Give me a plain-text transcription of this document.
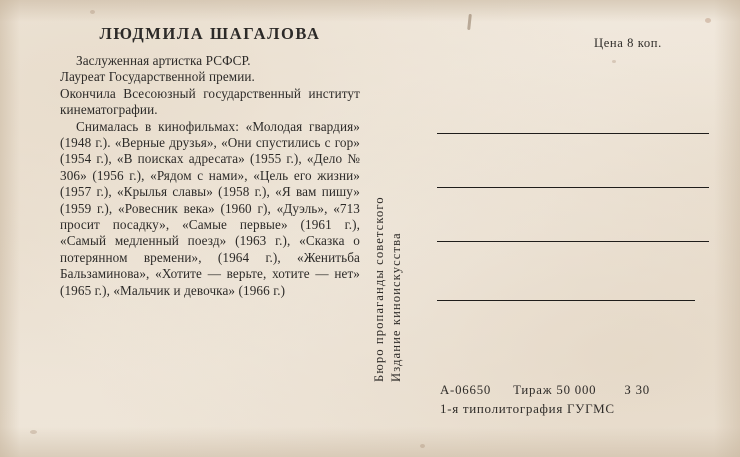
ЛЮДМИЛА ШАГАЛОВА

Заслуженная артистка РСФСР.

Лауреат Государственной премии.

Окончила Всесоюзный государственный институт кинематографии.

Снималась в кинофильмах: «Молодая гвардия» (1948 г.). «Верные друзья», «Они спустились с гор» (1954 г.), «В поисках адресата» (1955 г.), «Дело № 306» (1956 г.), «Рядом с нами», «Цель его жизни» (1957 г.), «Крылья славы» (1958 г.), «Я вам пишу» (1959 г.), «Ровесник века» (1960 г), «Дуэль», «713 просит посадку», «Самые первые» (1961 г.), «Самый медленный поезд» (1963 г.), «Сказка о потерянном времени», (1964 г.), «Женитьба Бальзаминова», «Хотите — верьте, хотите — нет» (1965 г.), «Мальчик и девочка» (1966 г.)	Бюро пропаганды советского Издание киноискусства
Цена 8 коп.
А-06650 Тираж 50 000 З 30
1-я типолитография ГУГМС
